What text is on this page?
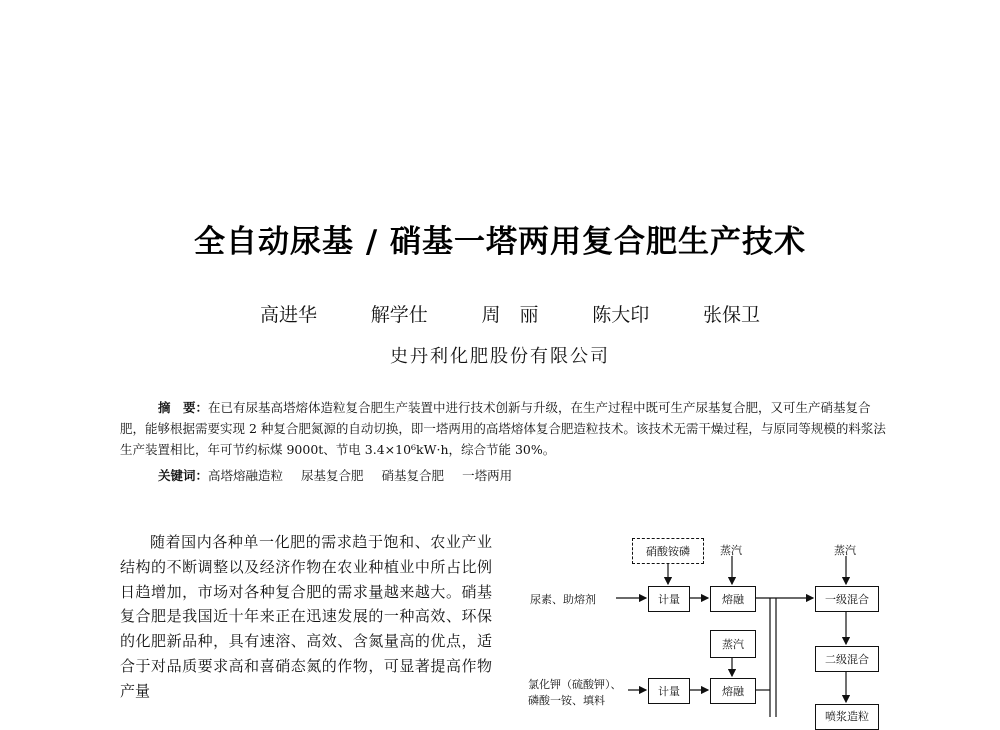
全自动尿基 / 硝基一塔两用复合肥生产技术
高进华	解学仕	周　丽	陈大印	张保卫
史丹利化肥股份有限公司
摘　要：在已有尿基高塔熔体造粒复合肥生产装置中进行技术创新与升级，在生产过程中既可生产尿基复合肥，又可生产硝基复合肥，能够根据需要实现 2 种复合肥氮源的自动切换，即一塔两用的高塔熔体复合肥造粒技术。该技术无需干燥过程，与原同等规模的料浆法生产装置相比，年可节约标煤 9000t、节电 3.4×10⁶kW·h，综合节能 30%。
关键词：高塔熔融造粒 尿基复合肥 硝基复合肥 一塔两用
随着国内各种单一化肥的需求趋于饱和、农业产业结构的不断调整以及经济作物在农业种植业中所占比例日趋增加，市场对各种复合肥的需求量越来越大。硝基复合肥是我国近十年来正在迅速发展的一种高效、环保的化肥新品种，具有速溶、高效、含氮量高的优点，适合于对品质要求高和喜硝态氮的作物，可显著提高作物产量
硝酸铵磷	蒸汽	蒸汽
尿素、助熔剂	计量	熔融	一级混合
蒸汽
二级混合
氯化钾（硫酸钾）、
磷酸一铵、填料
计量	熔融
喷浆造粒
